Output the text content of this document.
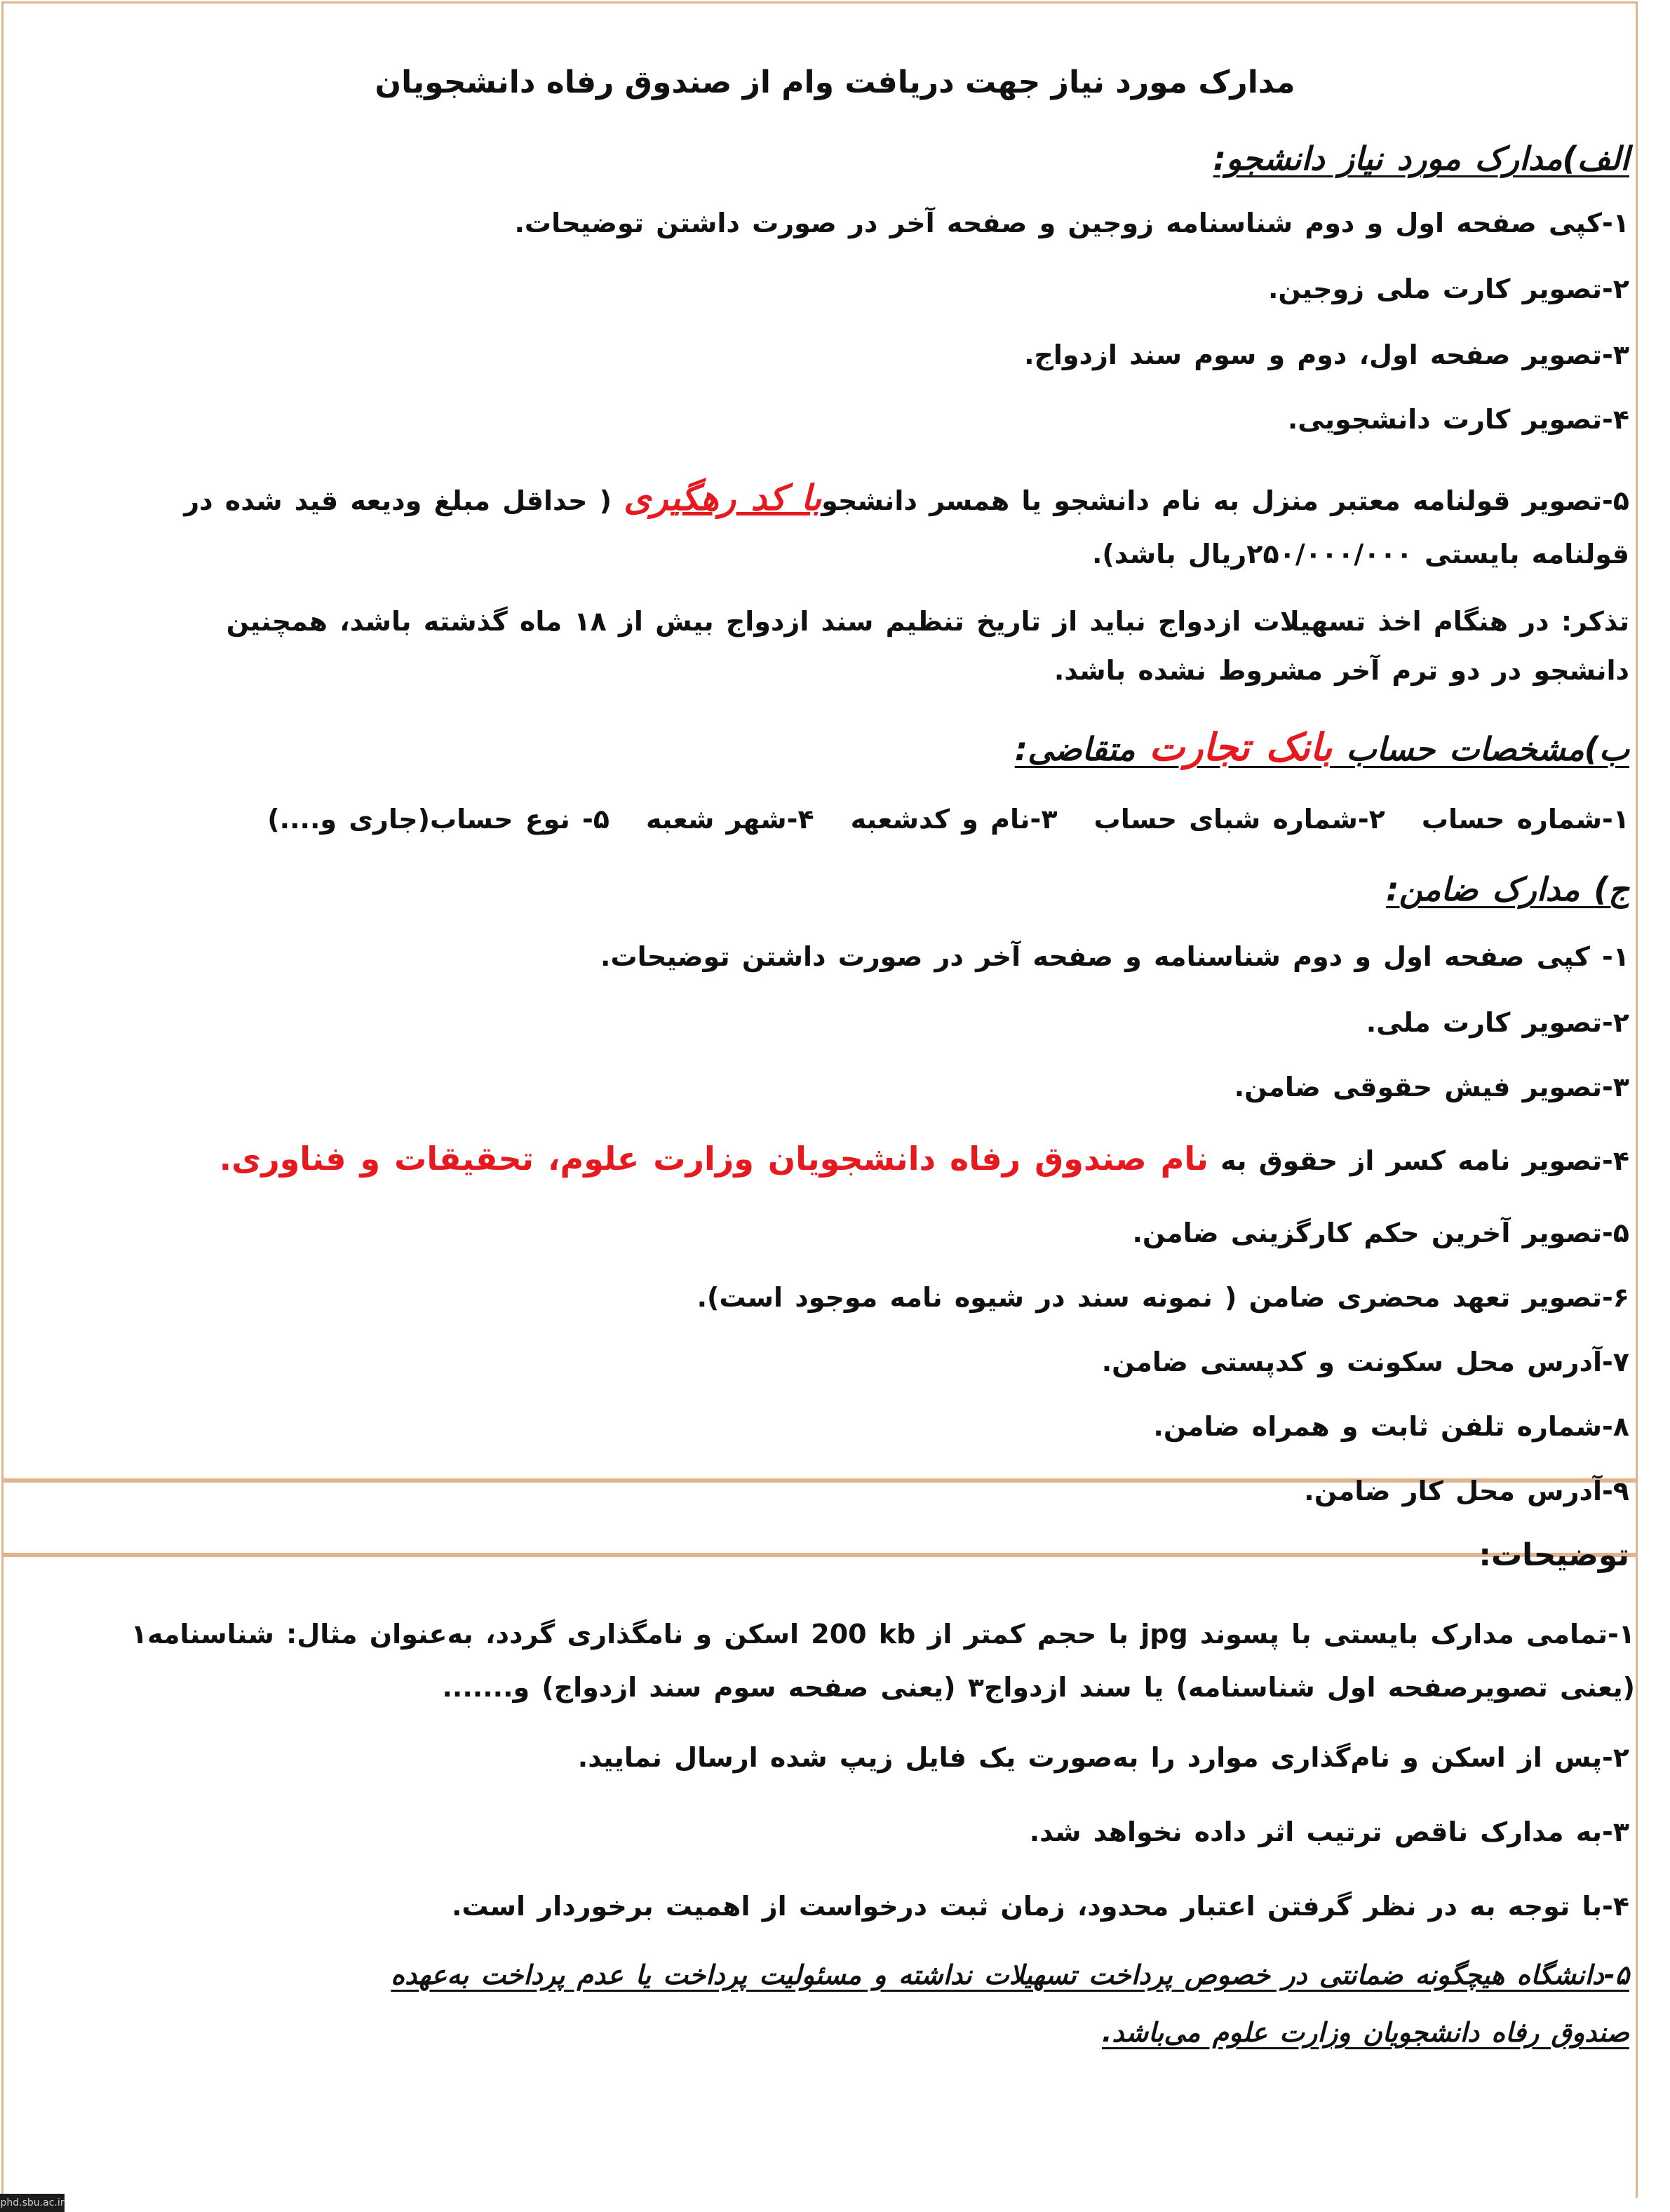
مدارک مورد نیاز جهت دریافت وام از صندوق رفاه دانشجویان
الف)مدارک مورد نیاز دانشجو:
۱-کپی صفحه اول و دوم شناسنامه زوجین و صفحه آخر در صورت داشتن توضیحات.
۲-تصویر کارت ملی زوجین.
۳-تصویر صفحه اول، دوم و سوم سند ازدواج.
۴-تصویر کارت دانشجویی.
۵-تصویر قولنامه معتبر منزل به نام دانشجو یا همسر دانشجوبا کد رهگیری ( حداقل مبلغ ودیعه قید شده در
قولنامه بایستی ۲۵۰/۰۰۰/۰۰۰ریال باشد).
تذکر: در هنگام اخذ تسهیلات ازدواج نباید از تاریخ تنظیم سند ازدواج بیش از ۱۸ ماه گذشته باشد، همچنین
دانشجو در دو ترم آخر مشروط نشده باشد.
ب)مشخصات حساب بانک تجارت متقاضی:
۱-شماره حساب
۲-شماره شبای حساب
۳-نام و کدشعبه
۴-شهر شعبه
۵- نوع حساب(جاری و....)
ج) مدارک ضامن:
۱- کپی صفحه اول و دوم شناسنامه و صفحه آخر در صورت داشتن توضیحات.
۲-تصویر کارت ملی.
۳-تصویر فیش حقوقی ضامن.
۴-تصویر نامه کسر از حقوق به نام صندوق رفاه دانشجویان وزارت علوم، تحقیقات و فناوری.
۵-تصویر آخرین حکم کارگزینی ضامن.
۶-تصویر تعهد محضری ضامن ( نمونه سند در شیوه نامه موجود است).
۷-آدرس محل سکونت و کدپستی ضامن.
۸-شماره تلفن ثابت و همراه ضامن.
۹-آدرس محل کار ضامن.
توضیحات:
۱-تمامی مدارک بایستی با پسوند jpg با حجم کمتر از 200 kb اسکن و نامگذاری گردد، به‌عنوان مثال: شناسنامه۱
(یعنی تصویرصفحه اول شناسنامه) یا سند ازدواج۳ (یعنی صفحه سوم سند ازدواج) و.......
۲-پس از اسکن و نام‌گذاری موارد را به‌صورت یک فایل زیپ شده ارسال نمایید.
۳-به مدارک ناقص ترتیب اثر داده نخواهد شد.
۴-با توجه به در نظر گرفتن اعتبار محدود، زمان ثبت درخواست از اهمیت برخوردار است.
۵-دانشگاه هیچگونه ضمانتی در خصوص پرداخت تسهیلات نداشته و مسئولیت پرداخت یا عدم پرداخت به‌عهده
صندوق رفاه دانشجویان وزارت علوم می‌باشد.
phd.sbu.ac.ir
